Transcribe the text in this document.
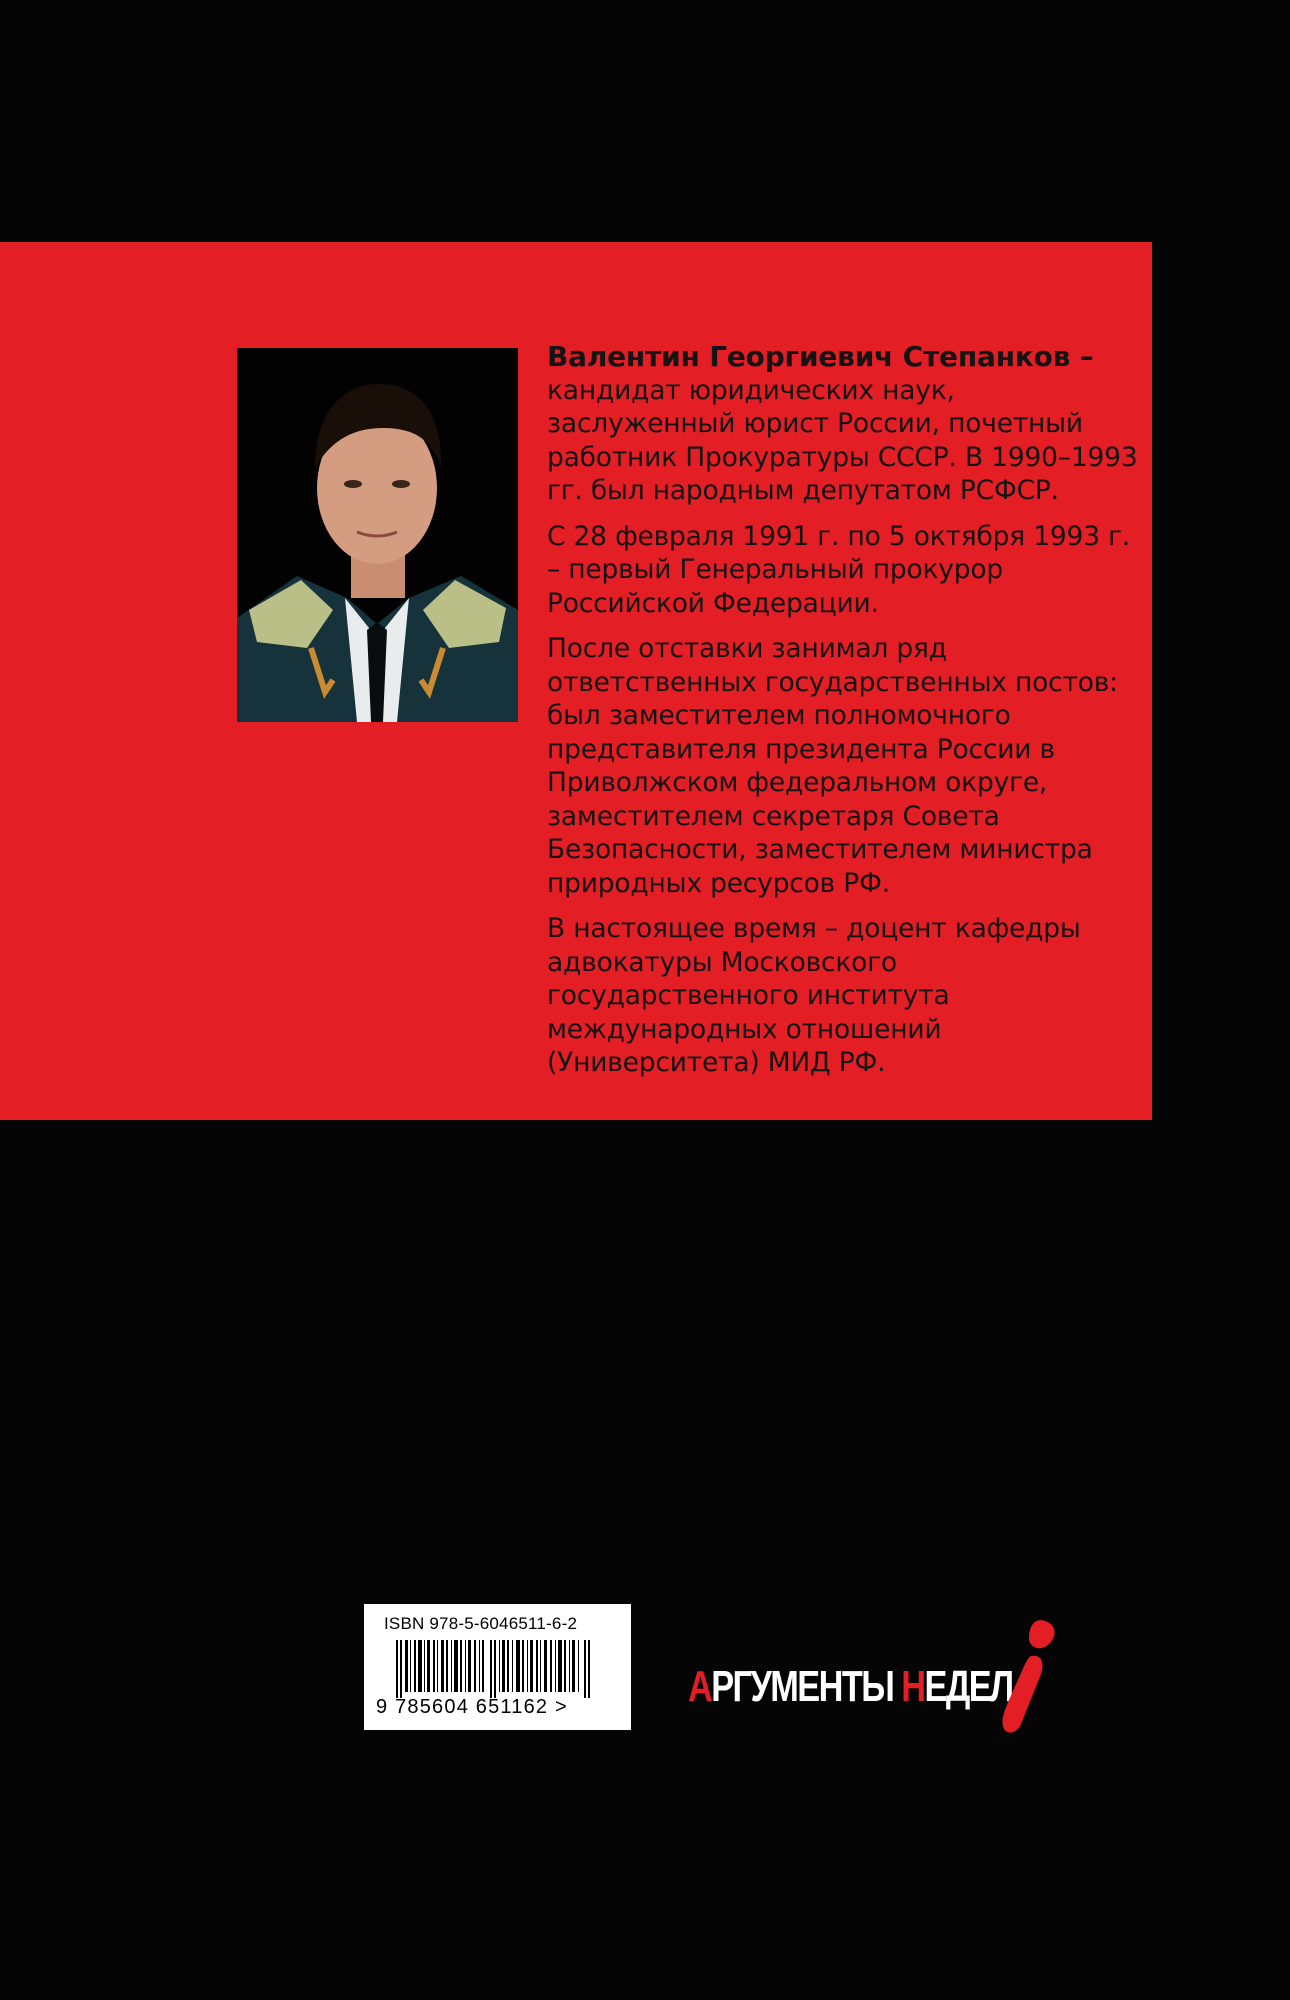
Валентин Георгиевич Степанков –
кандидат юридических наук, заслуженный юрист России, почетный работник Прокуратуры СССР. В 1990–1993 гг. был народным депутатом РСФСР.

С 28 февраля 1991 г. по 5 октября 1993 г. – первый Генеральный прокурор Российской Федерации.

После отставки занимал ряд ответственных государственных постов: был заместителем полномочного представителя президента России в Приволжском федеральном округе, заместителем секретаря Совета Безопасности, заместителем министра природных ресурсов РФ.

В настоящее время – доцент кафедры адвокатуры Московского государственного института международных отношений (Университета) МИД РФ.

ISBN 978-5-6046511-6-2
9 785604 651162 >	АРГУМЕНТЫ НЕДЕЛ
